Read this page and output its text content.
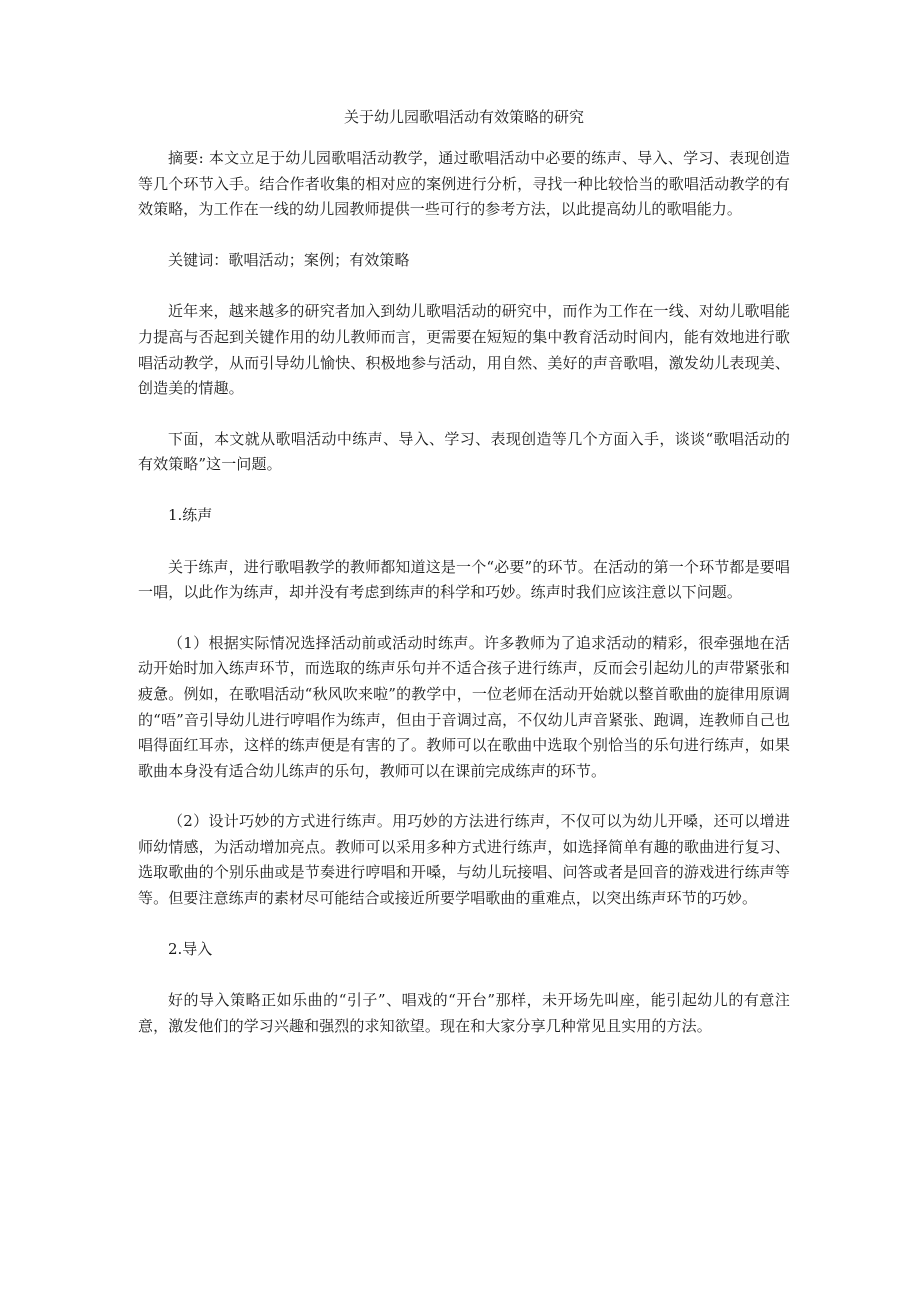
关于幼儿园歌唱活动有效策略的研究

摘要: 本文立足于幼儿园歌唱活动教学，通过歌唱活动中必要的练声、导入、学习、表现创造等几个环节入手。结合作者收集的相对应的案例进行分析，寻找一种比较恰当的歌唱活动教学的有效策略，为工作在一线的幼儿园教师提供一些可行的参考方法，以此提高幼儿的歌唱能力。

关键词：歌唱活动；案例；有效策略

近年来，越来越多的研究者加入到幼儿歌唱活动的研究中，而作为工作在一线、对幼儿歌唱能力提高与否起到关键作用的幼儿教师而言，更需要在短短的集中教育活动时间内，能有效地进行歌唱活动教学，从而引导幼儿愉快、积极地参与活动，用自然、美好的声音歌唱，激发幼儿表现美、创造美的情趣。

下面，本文就从歌唱活动中练声、导入、学习、表现创造等几个方面入手，谈谈“歌唱活动的有效策略”这一问题。

1.练声

关于练声，进行歌唱教学的教师都知道这是一个“必要”的环节。在活动的第一个环节都是要唱一唱，以此作为练声，却并没有考虑到练声的科学和巧妙。练声时我们应该注意以下问题。

（1）根据实际情况选择活动前或活动时练声。许多教师为了追求活动的精彩，很牵强地在活动开始时加入练声环节，而选取的练声乐句并不适合孩子进行练声，反而会引起幼儿的声带紧张和疲惫。例如，在歌唱活动“秋风吹来啦”的教学中，一位老师在活动开始就以整首歌曲的旋律用原调的“唔”音引导幼儿进行哼唱作为练声，但由于音调过高，不仅幼儿声音紧张、跑调，连教师自己也唱得面红耳赤，这样的练声便是有害的了。教师可以在歌曲中选取个别恰当的乐句进行练声，如果歌曲本身没有适合幼儿练声的乐句，教师可以在课前完成练声的环节。

（2）设计巧妙的方式进行练声。用巧妙的方法进行练声，不仅可以为幼儿开嗓，还可以增进师幼情感，为活动增加亮点。教师可以采用多种方式进行练声，如选择简单有趣的歌曲进行复习、选取歌曲的个别乐曲或是节奏进行哼唱和开嗓，与幼儿玩接唱、问答或者是回音的游戏进行练声等等。但要注意练声的素材尽可能结合或接近所要学唱歌曲的重难点，以突出练声环节的巧妙。

2.导入

好的导入策略正如乐曲的“引子”、唱戏的“开台”那样，未开场先叫座，能引起幼儿的有意注意，激发他们的学习兴趣和强烈的求知欲望。现在和大家分享几种常见且实用的方法。
